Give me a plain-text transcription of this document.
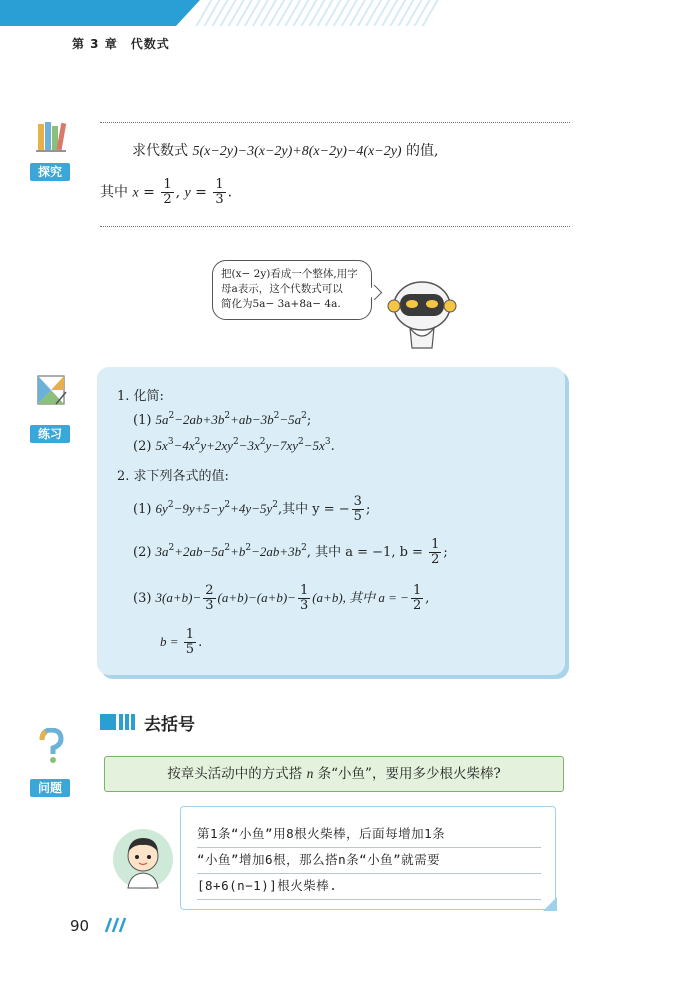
第 3 章　代数式
探究
求代数式 5(x−2y)−3(x−2y)+8(x−2y)−4(x−2y) 的值,
其中 $x = \frac{1}{2}$ , $y = \frac{1}{3}$ .
把(x− 2y)看成一个整体,用字
母a表示，这个代数式可以
简化为5a− 3a+8a− 4a.
练习
1. 化简:
(1) $5a^2-2ab+3b^2+ab-3b^2-5a^2$;
(2) $5x^3-4x^2y+2xy^2-3x^2y-7xy^2-5x^3$.
2. 求下列各式的值:
(1) $6y^2-9y+5-y^2+4y-5y^2$,其中 y = − $\frac{3}{5}$ ;
(2) $3a^2+2ab-5a^2+b^2-2ab+3b^2$, 其中 a = −1, $b = \frac{1}{2}$ ;
(3) $3(a+b)- \frac{2}{3} (a+b)-(a+b)- \frac{1}{3} (a+b)$, 其中 a = − $\frac{1}{2}$ ,
$b = \frac{1}{5}$ .
去括号
问题
按章头活动中的方式搭 n 条“小鱼”，要用多少根火柴棒?
第1条“小鱼”用8根火柴棒，后面每增加1条
“小鱼”增加6根，那么搭n条“小鱼”就需要
[8+6(n−1)]根火柴棒.
90
